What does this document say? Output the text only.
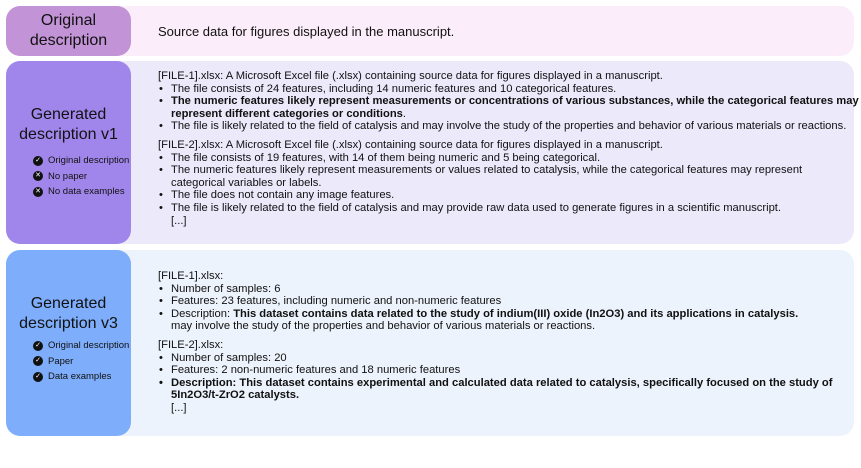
Original
description
Source data for figures displayed in the manuscript.
Generated
description v1
✓ Original description
✕ No paper
✕ No data examples
[FILE-1].xlsx: A Microsoft Excel file (.xlsx) containing source data for figures displayed in a manuscript.
• The file consists of 24 features, including 14 numeric features and 10 categorical features.
• The numeric features likely represent measurements or concentrations of various substances, while the categorical features may
represent different categories or conditions.
• The file is likely related to the field of catalysis and may involve the study of the properties and behavior of various materials or reactions.
[FILE-2].xlsx: A Microsoft Excel file (.xlsx) containing source data for figures displayed in a manuscript.
• The file consists of 19 features, with 14 of them being numeric and 5 being categorical.
• The numeric features likely represent measurements or values related to catalysis, while the categorical features may represent
categorical variables or labels.
• The file does not contain any image features.
• The file is likely related to the field of catalysis and may provide raw data used to generate figures in a scientific manuscript.
[...]
Generated
description v3
✓ Original description
✓ Paper
✓ Data examples
[FILE-1].xlsx:
• Number of samples: 6
• Features: 23 features, including numeric and non-numeric features
• Description: This dataset contains data related to the study of indium(III) oxide (In2O3) and its applications in catalysis.
may involve the study of the properties and behavior of various materials or reactions.
[FILE-2].xlsx:
• Number of samples: 20
• Features: 2 non-numeric features and 18 numeric features
• Description: This dataset contains experimental and calculated data related to catalysis, specifically focused on the study of
5In2O3/t-ZrO2 catalysts.
[...]
